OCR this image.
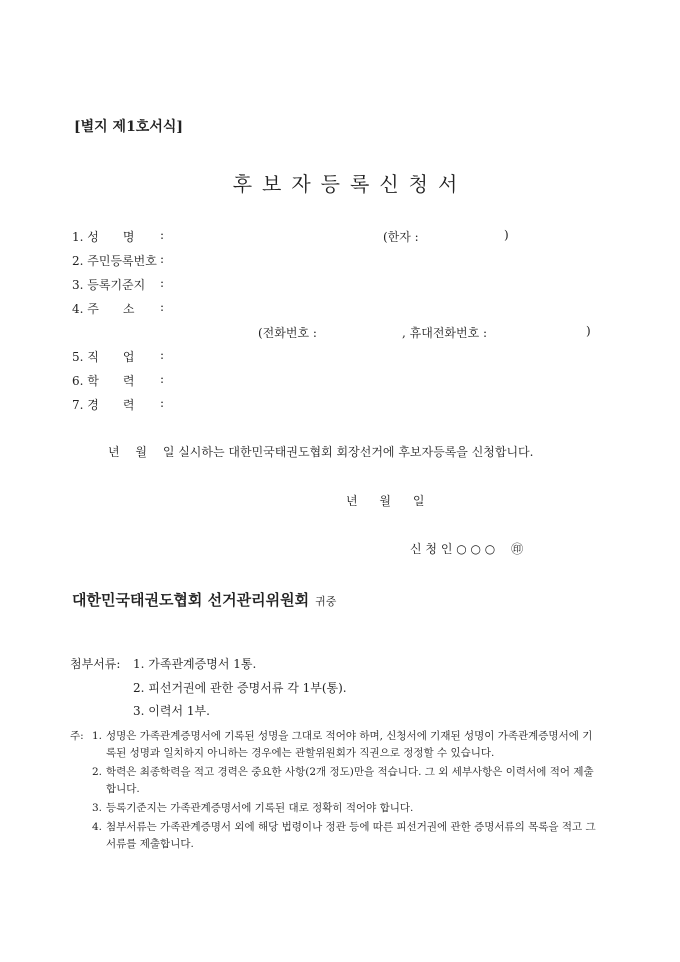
[별지 제1호서식]
후보자등록신청서
1. 성　　명 :	(한자 :	)
2. 주민등록번호 :
3. 등록기준지 :
4. 주　　소 :
(전화번호 :	, 휴대전화번호 :	)
5. 직　　업 :
6. 학　　력 :
7. 경　　력 :
년　 월　 일 실시하는 대한민국태권도협회 회장선거에 후보자등록을 신청합니다.
년 월 일
신 청 인 ○ ○ ○　 ㊞
대한민국태권도협회 선거관리위원회 귀중
첨부서류: 1. 가족관계증명서 1통.
2. 피선거권에 관한 증명서류 각 1부(통).
3. 이력서 1부.
주: 1. 성명은 가족관계증명서에 기록된 성명을 그대로 적어야 하며, 신청서에 기재된 성명이 가족관계증명서에 기록된 성명과 일치하지 아니하는 경우에는 관할위원회가 직권으로 정정할 수 있습니다.
2. 학력은 최종학력을 적고 경력은 중요한 사항(2개 정도)만을 적습니다. 그 외 세부사항은 이력서에 적어 제출합니다.
3. 등록기준지는 가족관계증명서에 기록된 대로 정확히 적어야 합니다.
4. 첨부서류는 가족관계증명서 외에 해당 법령이나 정관 등에 따른 피선거권에 관한 증명서류의 목록을 적고 그 서류를 제출합니다.
